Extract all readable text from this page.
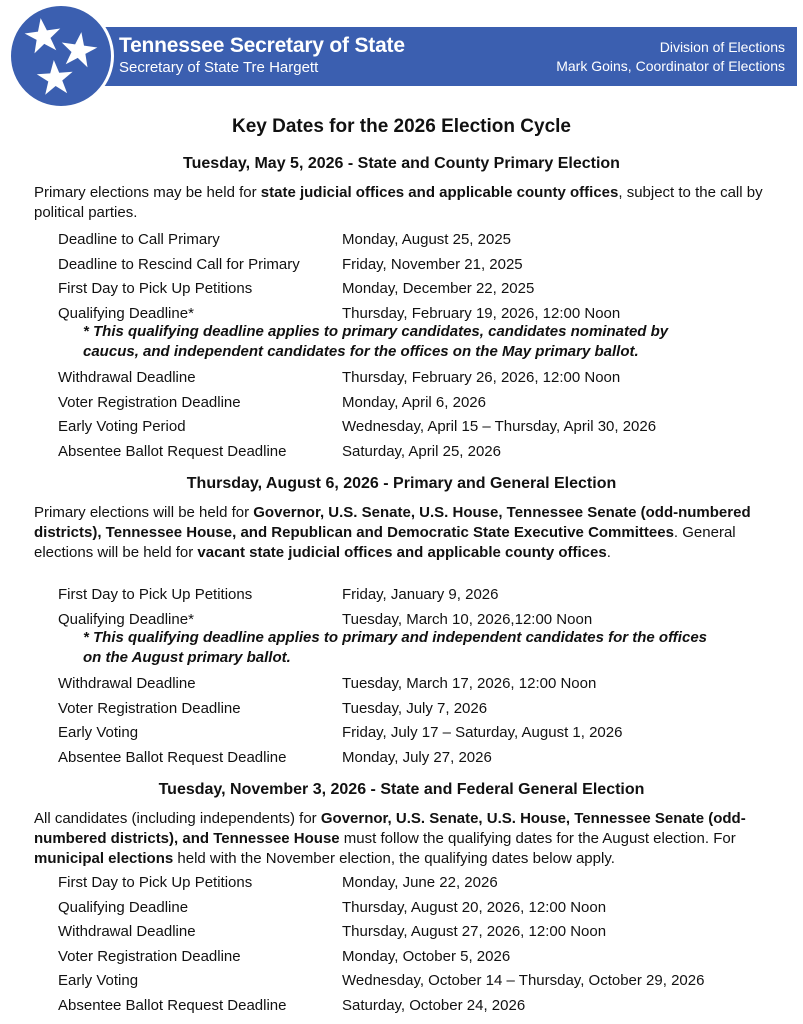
Tennessee Secretary of State
Secretary of State Tre Hargett
Division of Elections
Mark Goins, Coordinator of Elections
Key Dates for the 2026 Election Cycle
Tuesday, May 5, 2026 - State and County Primary Election
Primary elections may be held for state judicial offices and applicable county offices, subject to the call by political parties.
Deadline to Call Primary	Monday, August 25, 2025
Deadline to Rescind Call for Primary	Friday, November 21, 2025
First Day to Pick Up Petitions	Monday, December 22, 2025
Qualifying Deadline*	Thursday, February 19, 2026, 12:00 Noon
* This qualifying deadline applies to primary candidates, candidates nominated by caucus, and independent candidates for the offices on the May primary ballot.
Withdrawal Deadline	Thursday, February 26, 2026, 12:00 Noon
Voter Registration Deadline	Monday, April 6, 2026
Early Voting Period	Wednesday, April 15 – Thursday, April 30, 2026
Absentee Ballot Request Deadline	Saturday, April 25, 2026
Thursday, August 6, 2026 - Primary and General Election
Primary elections will be held for Governor, U.S. Senate, U.S. House, Tennessee Senate (odd-numbered districts), Tennessee House, and Republican and Democratic State Executive Committees. General elections will be held for vacant state judicial offices and applicable county offices.
First Day to Pick Up Petitions	Friday, January 9, 2026
Qualifying Deadline*	Tuesday, March 10, 2026,12:00 Noon
* This qualifying deadline applies to primary and independent candidates for the offices on the August primary ballot.
Withdrawal Deadline	Tuesday, March 17, 2026, 12:00 Noon
Voter Registration Deadline	Tuesday, July 7, 2026
Early Voting	Friday, July 17 – Saturday, August 1, 2026
Absentee Ballot Request Deadline	Monday, July 27, 2026
Tuesday, November 3, 2026 - State and Federal General Election
All candidates (including independents) for Governor, U.S. Senate, U.S. House, Tennessee Senate (odd-numbered districts), and Tennessee House must follow the qualifying dates for the August election. For municipal elections held with the November election, the qualifying dates below apply.
First Day to Pick Up Petitions	Monday, June 22, 2026
Qualifying Deadline	Thursday, August 20, 2026, 12:00 Noon
Withdrawal Deadline	Thursday, August 27, 2026, 12:00 Noon
Voter Registration Deadline	Monday, October 5, 2026
Early Voting	Wednesday, October 14 – Thursday, October 29, 2026
Absentee Ballot Request Deadline	Saturday, October 24, 2026
